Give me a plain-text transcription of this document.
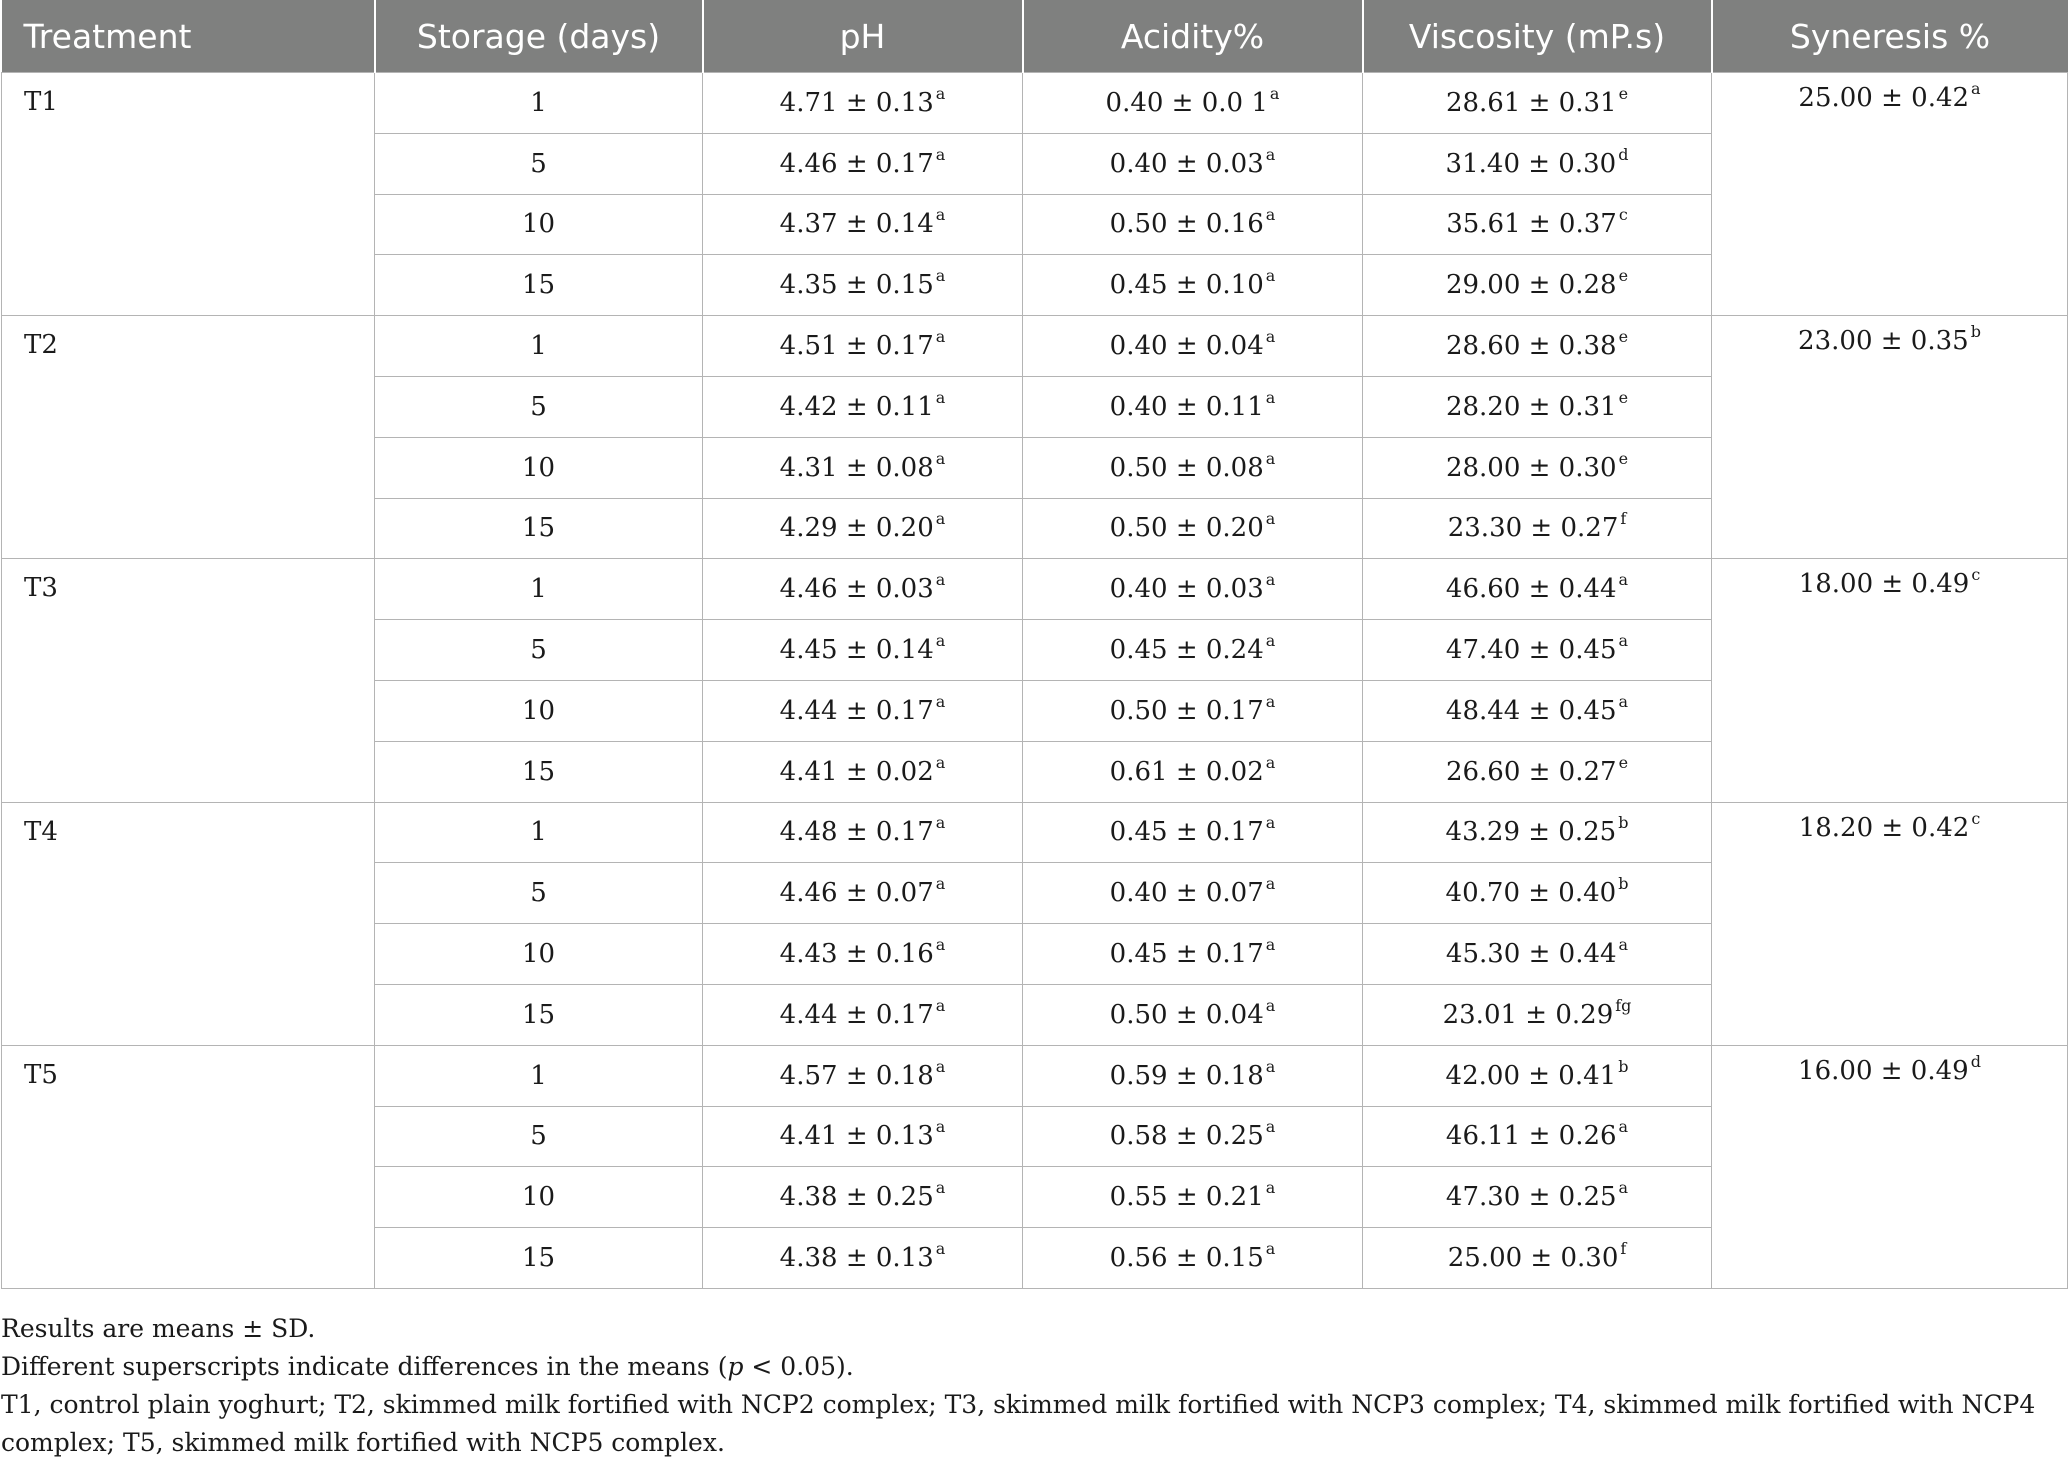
Treatment	Storage (days)	pH	Acidity%	Viscosity (mP.s)	Syneresis %
T1	1	4.71 ± 0.13 $^a$	0.40 ± 0.0 1 $^a$	28.61 ± 0.31 $^e$	25.00 ± 0.42 $^a$
	5	4.46 ± 0.17 $^a$	0.40 ± 0.03 $^a$	31.40 ± 0.30 $^d$
	10	4.37 ± 0.14 $^a$	0.50 ± 0.16 $^a$	35.61 ± 0.37 $^c$
	15	4.35 ± 0.15 $^a$	0.45 ± 0.10 $^a$	29.00 ± 0.28 $^e$
T2	1	4.51 ± 0.17 $^a$	0.40 ± 0.04 $^a$	28.60 ± 0.38 $^e$	23.00 ± 0.35 $^b$
	5	4.42 ± 0.11 $^a$	0.40 ± 0.11 $^a$	28.20 ± 0.31 $^e$
	10	4.31 ± 0.08 $^a$	0.50 ± 0.08 $^a$	28.00 ± 0.30 $^e$
	15	4.29 ± 0.20 $^a$	0.50 ± 0.20 $^a$	23.30 ± 0.27 $^f$
T3	1	4.46 ± 0.03 $^a$	0.40 ± 0.03 $^a$	46.60 ± 0.44 $^a$	18.00 ± 0.49 $^c$
	5	4.45 ± 0.14 $^a$	0.45 ± 0.24 $^a$	47.40 ± 0.45 $^a$
	10	4.44 ± 0.17 $^a$	0.50 ± 0.17 $^a$	48.44 ± 0.45 $^a$
	15	4.41 ± 0.02 $^a$	0.61 ± 0.02 $^a$	26.60 ± 0.27 $^e$
T4	1	4.48 ± 0.17 $^a$	0.45 ± 0.17 $^a$	43.29 ± 0.25 $^b$	18.20 ± 0.42 $^c$
	5	4.46 ± 0.07 $^a$	0.40 ± 0.07 $^a$	40.70 ± 0.40 $^b$
	10	4.43 ± 0.16 $^a$	0.45 ± 0.17 $^a$	45.30 ± 0.44 $^a$
	15	4.44 ± 0.17 $^a$	0.50 ± 0.04 $^a$	23.01 ± 0.29 $^{fg}$
T5	1	4.57 ± 0.18 $^a$	0.59 ± 0.18 $^a$	42.00 ± 0.41 $^b$	16.00 ± 0.49 $^d$
	5	4.41 ± 0.13 $^a$	0.58 ± 0.25 $^a$	46.11 ± 0.26 $^a$
	10	4.38 ± 0.25 $^a$	0.55 ± 0.21 $^a$	47.30 ± 0.25 $^a$
	15	4.38 ± 0.13 $^a$	0.56 ± 0.15 $^a$	25.00 ± 0.30 $^f$

Results are means ± SD.

Different superscripts indicate differences in the means (p < 0.05).

T1, control plain yoghurt; T2, skimmed milk fortified with NCP2 complex; T3, skimmed milk fortified with NCP3 complex; T4, skimmed milk fortified with NCP4 complex; T5, skimmed milk fortified with NCP5 complex.
